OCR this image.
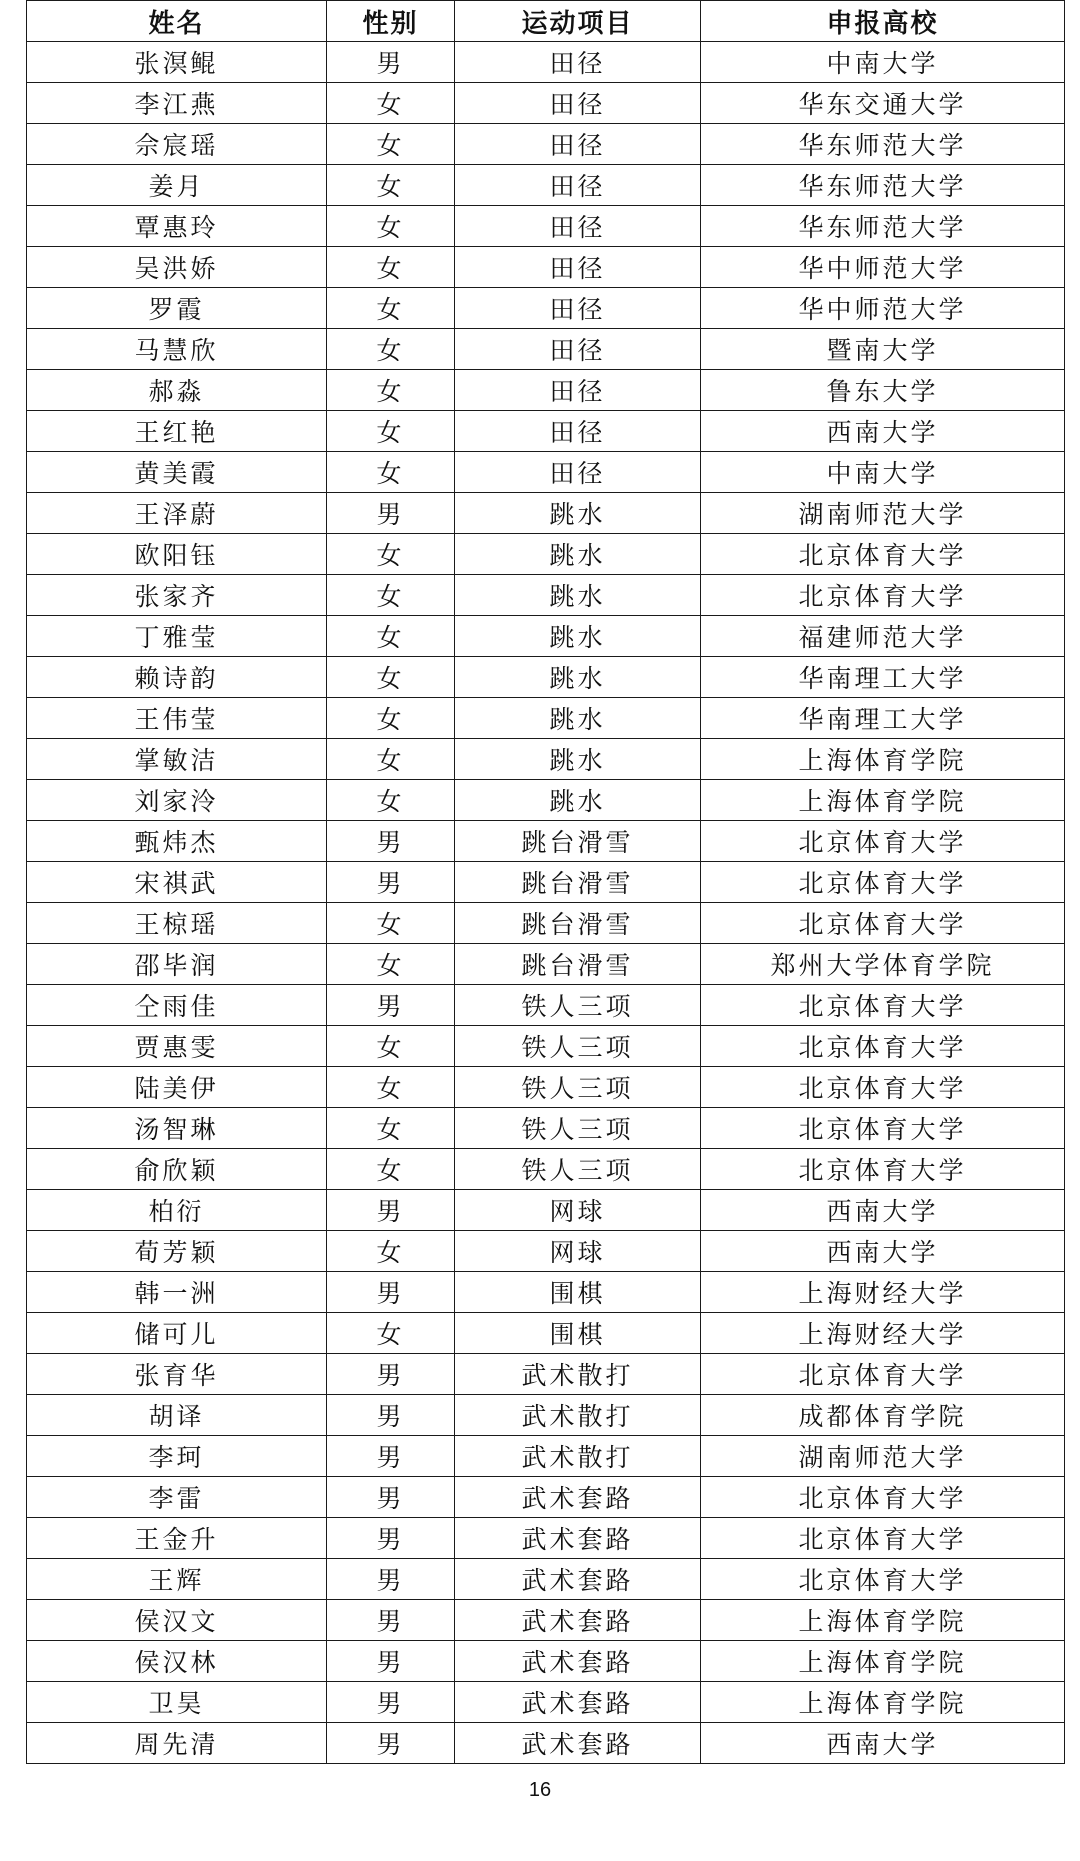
姓名	性别	运动项目	申报高校
张溟鲲	男	田径	中南大学
李江燕	女	田径	华东交通大学
佘宸瑶	女	田径	华东师范大学
姜月	女	田径	华东师范大学
覃惠玲	女	田径	华东师范大学
吴洪娇	女	田径	华中师范大学
罗霞	女	田径	华中师范大学
马慧欣	女	田径	暨南大学
郝淼	女	田径	鲁东大学
王红艳	女	田径	西南大学
黄美霞	女	田径	中南大学
王泽蔚	男	跳水	湖南师范大学
欧阳钰	女	跳水	北京体育大学
张家齐	女	跳水	北京体育大学
丁雅莹	女	跳水	福建师范大学
赖诗韵	女	跳水	华南理工大学
王伟莹	女	跳水	华南理工大学
掌敏洁	女	跳水	上海体育学院
刘家泠	女	跳水	上海体育学院
甄炜杰	男	跳台滑雪	北京体育大学
宋祺武	男	跳台滑雪	北京体育大学
王椋瑶	女	跳台滑雪	北京体育大学
邵毕润	女	跳台滑雪	郑州大学体育学院
仝雨佳	男	铁人三项	北京体育大学
贾惠雯	女	铁人三项	北京体育大学
陆美伊	女	铁人三项	北京体育大学
汤智琳	女	铁人三项	北京体育大学
俞欣颖	女	铁人三项	北京体育大学
柏衍	男	网球	西南大学
荀芳颖	女	网球	西南大学
韩一洲	男	围棋	上海财经大学
储可儿	女	围棋	上海财经大学
张育华	男	武术散打	北京体育大学
胡译	男	武术散打	成都体育学院
李珂	男	武术散打	湖南师范大学
李雷	男	武术套路	北京体育大学
王金升	男	武术套路	北京体育大学
王辉	男	武术套路	北京体育大学
侯汉文	男	武术套路	上海体育学院
侯汉林	男	武术套路	上海体育学院
卫昊	男	武术套路	上海体育学院
周先清	男	武术套路	西南大学
16
